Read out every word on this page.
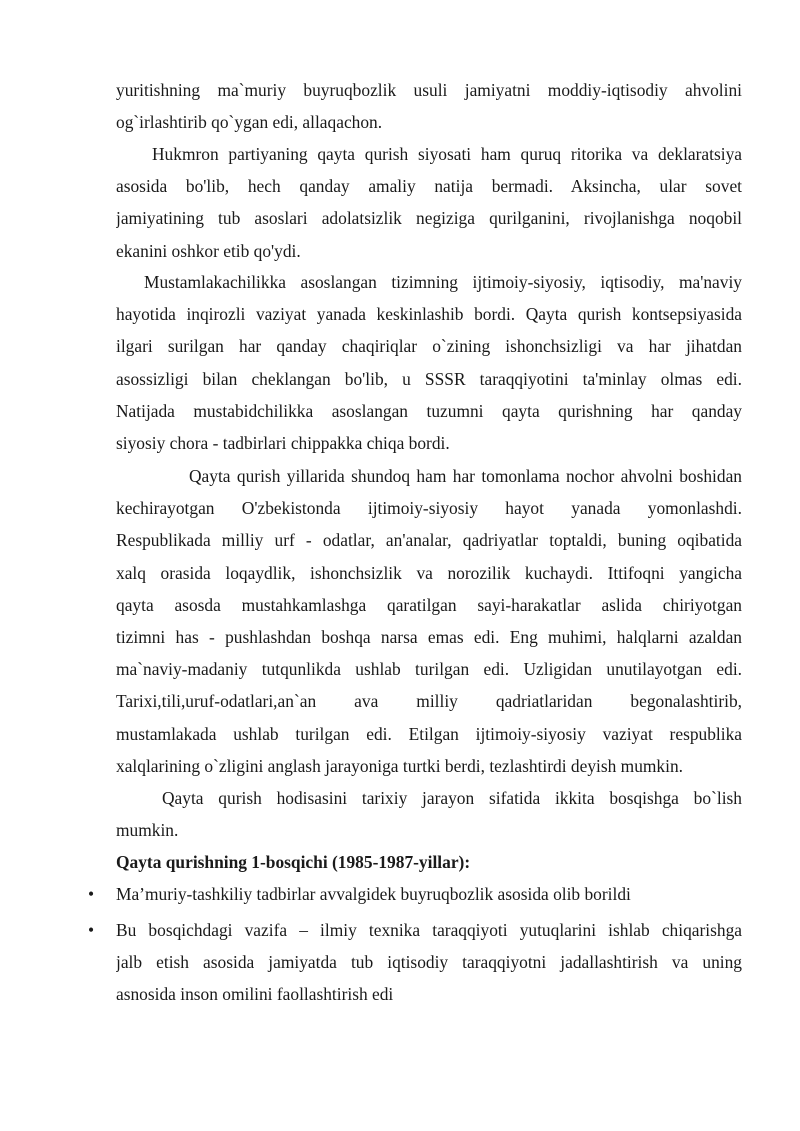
yuritishning ma`muriy buyruqbozlik usuli jamiyatni moddiy-iqtisodiy ahvolini
og`irlashtirib qo`ygan edi, allaqachon.
Hukmron partiyaning qayta qurish siyosati ham quruq ritorika va deklaratsiya
asosida bo'lib, hech qanday amaliy natija bermadi. Aksincha, ular sovet
jamiyatining tub asoslari adolatsizlik negiziga qurilganini, rivojlanishga noqobil
ekanini oshkor etib qo'ydi.
Mustamlakachilikka asoslangan tizimning ijtimoiy-siyosiy, iqtisodiy, ma'naviy
hayotida inqirozli vaziyat yanada keskinlashib bordi. Qayta qurish kontsepsiyasida
ilgari surilgan har qanday chaqiriqlar o`zining ishonchsizligi va har jihatdan
asossizligi bilan cheklangan bo'lib, u SSSR taraqqiyotini ta'minlay olmas edi.
Natijada mustabidchilikka asoslangan tuzumni qayta qurishning har qanday
siyosiy chora - tadbirlari chippakka chiqa bordi.
Qayta qurish yillarida shundoq ham har tomonlama nochor ahvolni boshidan
kechirayotgan O'zbekistonda ijtimoiy-siyosiy hayot yanada yomonlashdi.
Respublikada milliy urf - odatlar, an'analar, qadriyatlar toptaldi, buning oqibatida
xalq orasida loqaydlik, ishonchsizlik va norozilik kuchaydi. Ittifoqni yangicha
qayta asosda mustahkamlashga qaratilgan sayi-harakatlar aslida chiriyotgan
tizimni has - pushlashdan boshqa narsa emas edi. Eng muhimi, halqlarni azaldan
ma`naviy-madaniy tutqunlikda ushlab turilgan edi. Uzligidan unutilayotgan edi.
Tarixi,tili,uruf-odatlari,an`an ava milliy qadriatlaridan begonalashtirib,
mustamlakada ushlab turilgan edi. Etilgan ijtimoiy-siyosiy vaziyat respublika
xalqlarining o`zligini anglash jarayoniga turtki berdi, tezlashtirdi deyish mumkin.
Qayta qurish hodisasini tarixiy jarayon sifatida ikkita bosqishga bo`lish
mumkin.
Qayta qurishning 1-bosqichi (1985-1987-yillar):
• Ma’muriy-tashkiliy tadbirlar avvalgidek buyruqbozlik asosida olib borildi
• Bu bosqichdagi vazifa – ilmiy texnika taraqqiyoti yutuqlarini ishlab chiqarishga
jalb etish asosida jamiyatda tub iqtisodiy taraqqiyotni jadallashtirish va uning
asnosida inson omilini faollashtirish edi
